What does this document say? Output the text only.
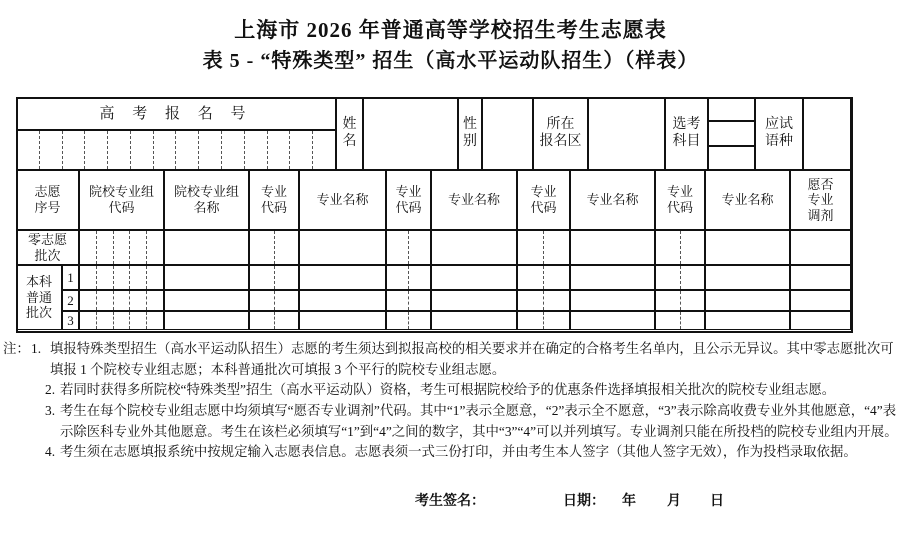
上海市 2026 年普通高等学校招生考生志愿表
表 5 - “特殊类型” 招生（高水平运动队招生）（样表）
高 考 报 名 号
姓名
性别
所在
报名区
选考
科目
应试
语种
志愿
序号
院校专业组
代码
院校专业组
名称
专业
代码
专业名称
专业
代码
专业名称
专业
代码
专业名称
专业
代码
专业名称
愿否
专业
调剂
零志愿
批次
本科
普通
批次
1
2
3
注： 1. 填报特殊类型招生（高水平运动队招生）志愿的考生须达到拟报高校的相关要求并在确定的合格考生名单内，且公示无异议。其中零志愿批次可填报 1 个院校专业组志愿；本科普通批次可填报 3 个平行的院校专业组志愿。
2. 若同时获得多所院校“特殊类型”招生（高水平运动队）资格，考生可根据院校给予的优惠条件选择填报相关批次的院校专业组志愿。
3. 考生在每个院校专业组志愿中均须填写“愿否专业调剂”代码。其中“1”表示全愿意，“2”表示全不愿意，“3”表示除高收费专业外其他愿意，“4”表示除医科专业外其他愿意。考生在该栏必须填写“1”到“4”之间的数字，其中“3”“4”可以并列填写。专业调剂只能在所投档的院校专业组内开展。
4. 考生须在志愿填报系统中按规定输入志愿表信息。志愿表须一式三份打印，并由考生本人签字（其他人签字无效），作为投档录取依据。
考生签名：	日期： 年 月 日
